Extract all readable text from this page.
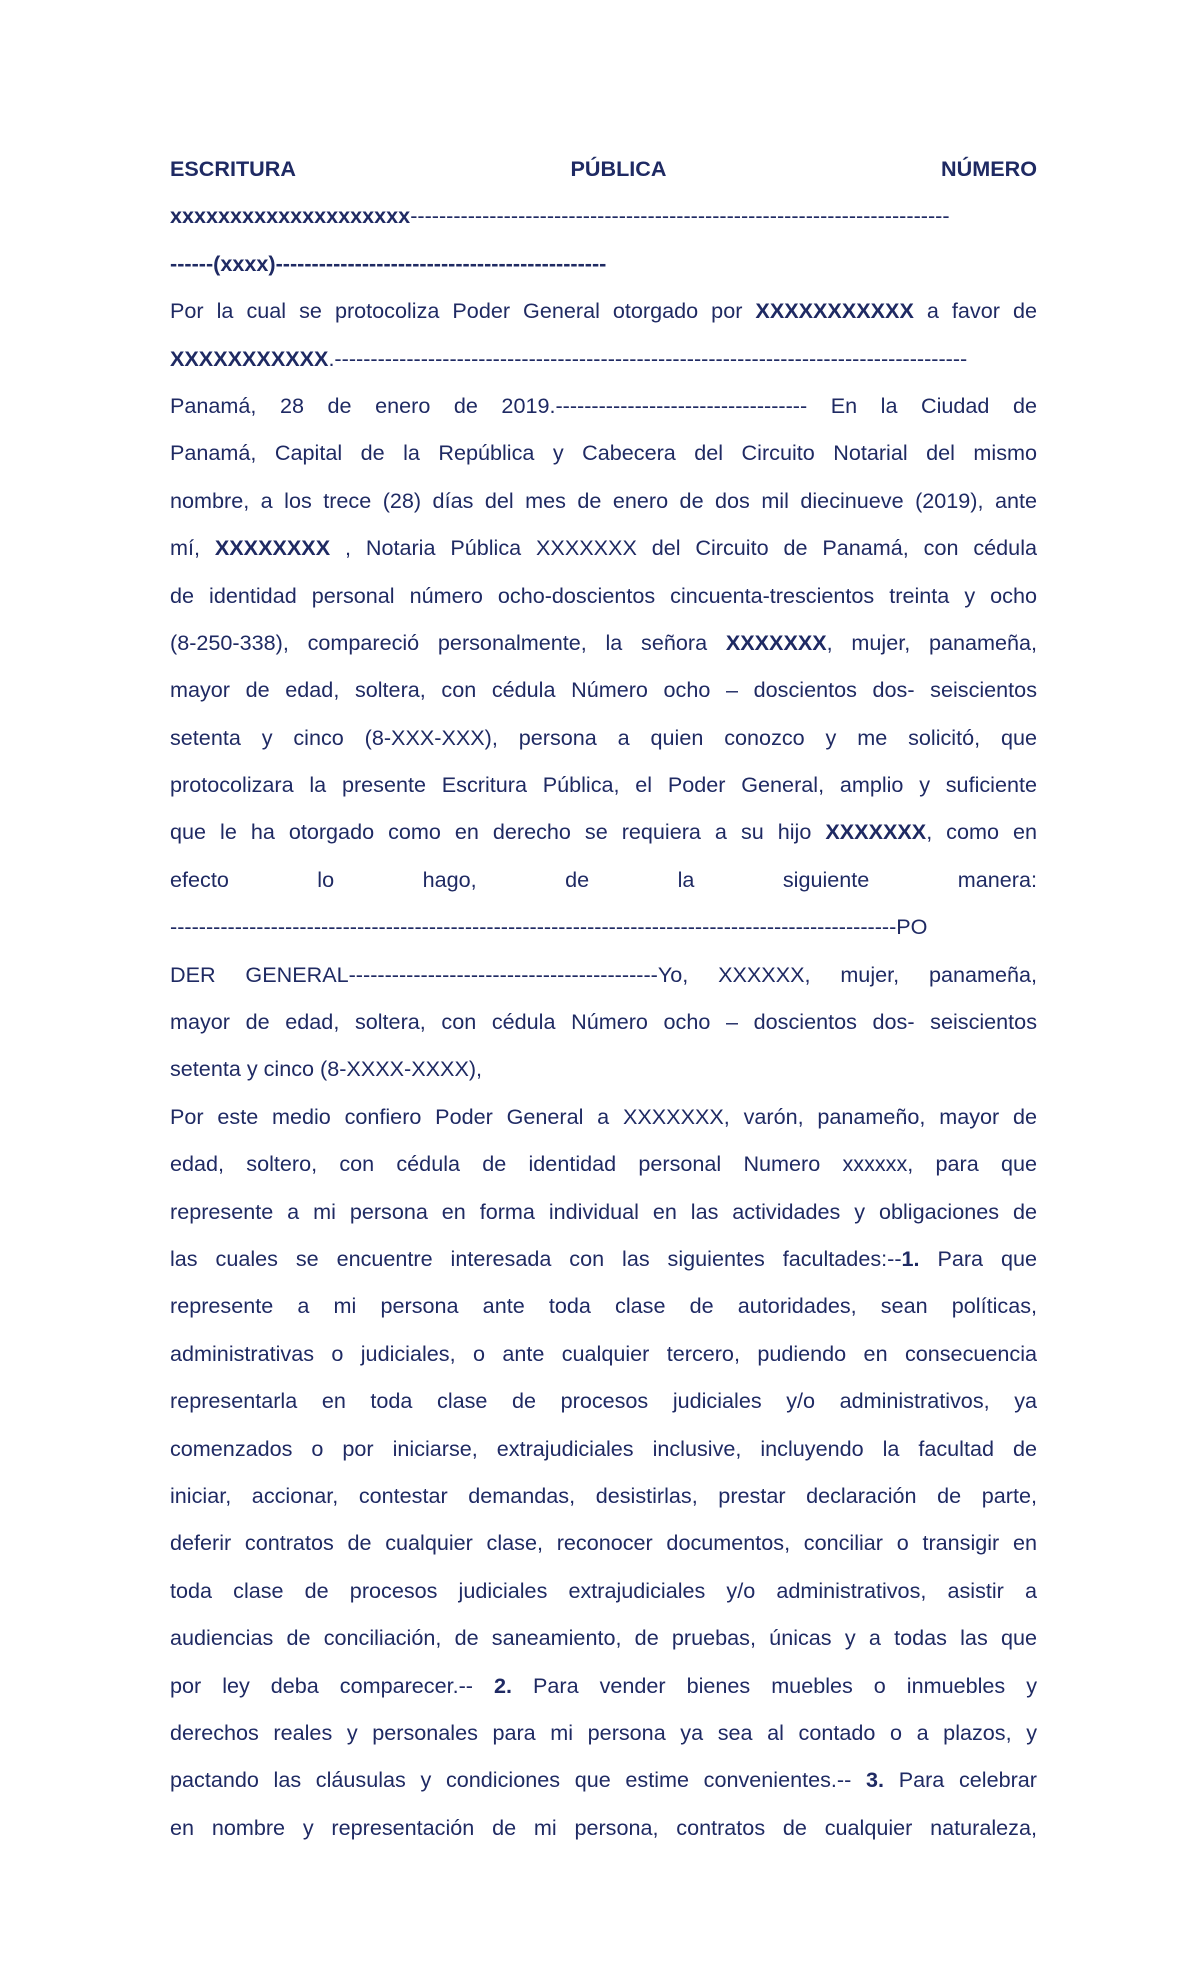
ESCRITURA	PÚBLICA	NÚMERO
xxxxxxxxxxxxxxxxxxxx---------------------------------------------------------------------------
------(xxxx)----------------------------------------------
Por la cual se protocoliza Poder General otorgado por XXXXXXXXXXX a favor de
XXXXXXXXXXX.----------------------------------------------------------------------------------------
Panamá, 28 de enero de 2019.----------------------------------- En la Ciudad de
Panamá, Capital de la República y Cabecera del Circuito Notarial del mismo
nombre, a los trece (28) días del mes de enero de dos mil diecinueve (2019), ante
mí, XXXXXXXX , Notaria Pública XXXXXXX del Circuito de Panamá, con cédula
de identidad personal número ocho-doscientos cincuenta-trescientos treinta y ocho
(8-250-338), compareció personalmente, la señora XXXXXXX, mujer, panameña,
mayor de edad, soltera, con cédula Número ocho – doscientos dos- seiscientos
setenta y cinco (8-XXX-XXX), persona a quien conozco y me solicitó, que
protocolizara la presente Escritura Pública, el Poder General, amplio y suficiente
que le ha otorgado como en derecho se requiera a su hijo XXXXXXX, como en
efecto lo hago, de la siguiente manera:
-----------------------------------------------------------------------------------------------------PO
DER GENERAL-------------------------------------------Yo, XXXXXX, mujer, panameña,
mayor de edad, soltera, con cédula Número ocho – doscientos dos- seiscientos
setenta y cinco (8-XXXX-XXXX),
Por este medio confiero Poder General a XXXXXXX, varón, panameño, mayor de
edad, soltero, con cédula de identidad personal Numero xxxxxx, para que
represente a mi persona en forma individual en las actividades y obligaciones de
las cuales se encuentre interesada con las siguientes facultades:--1. Para que
represente a mi persona ante toda clase de autoridades, sean políticas,
administrativas o judiciales, o ante cualquier tercero, pudiendo en consecuencia
representarla en toda clase de procesos judiciales y/o administrativos, ya
comenzados o por iniciarse, extrajudiciales inclusive, incluyendo la facultad de
iniciar, accionar, contestar demandas, desistirlas, prestar declaración de parte,
deferir contratos de cualquier clase, reconocer documentos, conciliar o transigir en
toda clase de procesos judiciales extrajudiciales y/o administrativos, asistir a
audiencias de conciliación, de saneamiento, de pruebas, únicas y a todas las que
por ley deba comparecer.-- 2. Para vender bienes muebles o inmuebles y
derechos reales y personales para mi persona ya sea al contado o a plazos, y
pactando las cláusulas y condiciones que estime convenientes.-- 3. Para celebrar
en nombre y representación de mi persona, contratos de cualquier naturaleza,
